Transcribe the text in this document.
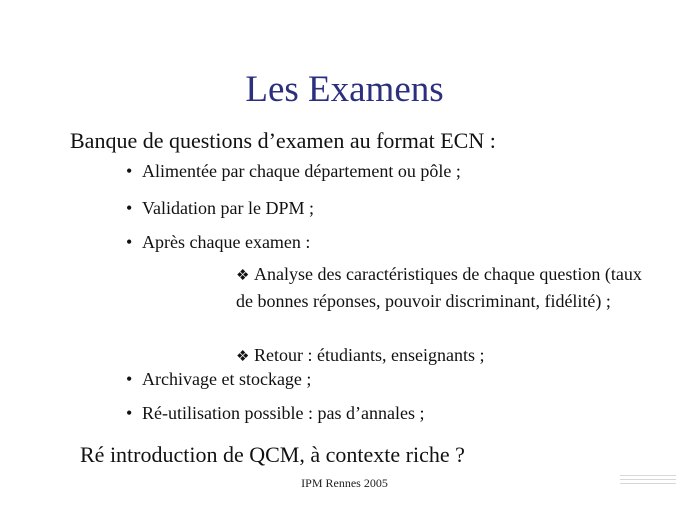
Les Examens
Banque de questions d’examen au format ECN :
• Alimentée par chaque département ou pôle ;
• Validation par le DPM ;
• Après chaque examen :
❖ Analyse des caractéristiques de chaque question (taux de bonnes réponses, pouvoir discriminant, fidélité) ;
❖ Retour : étudiants, enseignants ;
• Archivage et stockage ;
• Ré-utilisation possible : pas d’annales ;
Ré introduction de QCM, à contexte riche ?
IPM Rennes 2005
